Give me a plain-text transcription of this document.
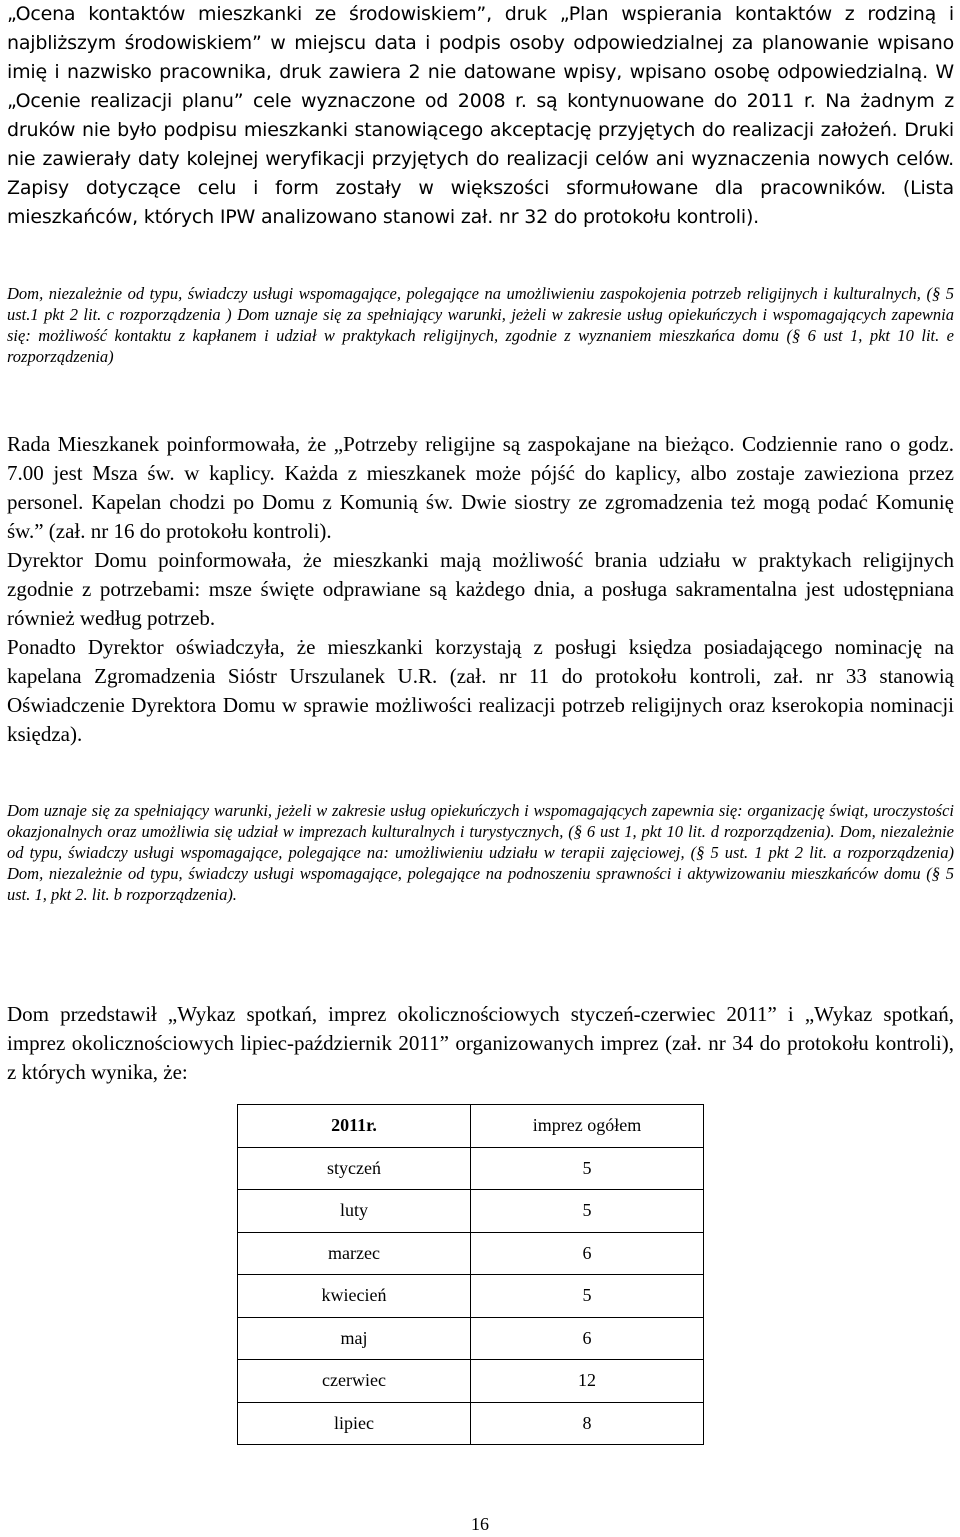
„Ocena kontaktów mieszkanki ze środowiskiem”, druk „Plan wspierania kontaktów z rodziną i najbliższym środowiskiem” w miejscu data i podpis osoby odpowiedzialnej za planowanie wpisano imię i nazwisko pracownika, druk zawiera 2 nie datowane wpisy, wpisano osobę odpowiedzialną. W „Ocenie realizacji planu” cele wyznaczone od 2008 r. są kontynuowane do 2011 r. Na żadnym z druków nie było podpisu mieszkanki stanowiącego akceptację przyjętych do realizacji założeń. Druki nie zawierały daty kolejnej weryfikacji przyjętych do realizacji celów ani wyznaczenia nowych celów. Zapisy dotyczące celu i form zostały w większości sformułowane dla pracowników. (Lista mieszkańców, których IPW analizowano stanowi zał. nr 32 do protokołu kontroli).

Dom, niezależnie od typu, świadczy usługi wspomagające, polegające na umożliwieniu zaspokojenia potrzeb religijnych i kulturalnych, (§ 5 ust.1 pkt 2 lit. c rozporządzenia ) Dom uznaje się za spełniający warunki, jeżeli w zakresie usług opiekuńczych i wspomagających zapewnia się: możliwość kontaktu z kapłanem i udział w praktykach religijnych, zgodnie z wyznaniem mieszkańca domu (§ 6 ust 1, pkt 10 lit. e rozporządzenia)

Rada Mieszkanek poinformowała, że „Potrzeby religijne są zaspokajane na bieżąco. Codziennie rano o godz. 7.00 jest Msza św. w kaplicy. Każda z mieszkanek może pójść do kaplicy, albo zostaje zawieziona przez personel. Kapelan chodzi po Domu z Komunią św. Dwie siostry ze zgromadzenia też mogą podać Komunię św.” (zał. nr 16 do protokołu kontroli).

Dyrektor Domu poinformowała, że mieszkanki mają możliwość brania udziału w praktykach religijnych zgodnie z potrzebami: msze święte odprawiane są każdego dnia, a posługa sakramentalna jest udostępniana również według potrzeb.

Ponadto Dyrektor oświadczyła, że mieszkanki korzystają z posługi księdza posiadającego nominację na kapelana Zgromadzenia Sióstr Urszulanek U.R. (zał. nr 11 do protokołu kontroli, zał. nr 33 stanowią Oświadczenie Dyrektora Domu w sprawie możliwości realizacji potrzeb religijnych oraz kserokopia nominacji księdza).

Dom uznaje się za spełniający warunki, jeżeli w zakresie usług opiekuńczych i wspomagających zapewnia się: organizację świąt, uroczystości okazjonalnych oraz umożliwia się udział w imprezach kulturalnych i turystycznych, (§ 6 ust 1, pkt 10 lit. d rozporządzenia). Dom, niezależnie od typu, świadczy usługi wspomagające, polegające na: umożliwieniu udziału w terapii zajęciowej, (§ 5 ust. 1 pkt 2 lit. a rozporządzenia) Dom, niezależnie od typu, świadczy usługi wspomagające, polegające na podnoszeniu sprawności i aktywizowaniu mieszkańców domu (§ 5 ust. 1, pkt 2. lit. b rozporządzenia).

Dom przedstawił „Wykaz spotkań, imprez okolicznościowych styczeń-czerwiec 2011” i „Wykaz spotkań, imprez okolicznościowych lipiec-październik 2011” organizowanych imprez (zał. nr 34 do protokołu kontroli), z których wynika, że:

2011r.	imprez ogółem
styczeń	5
luty	5
marzec	6
kwiecień	5
maj	6
czerwiec	12
lipiec	8
16
